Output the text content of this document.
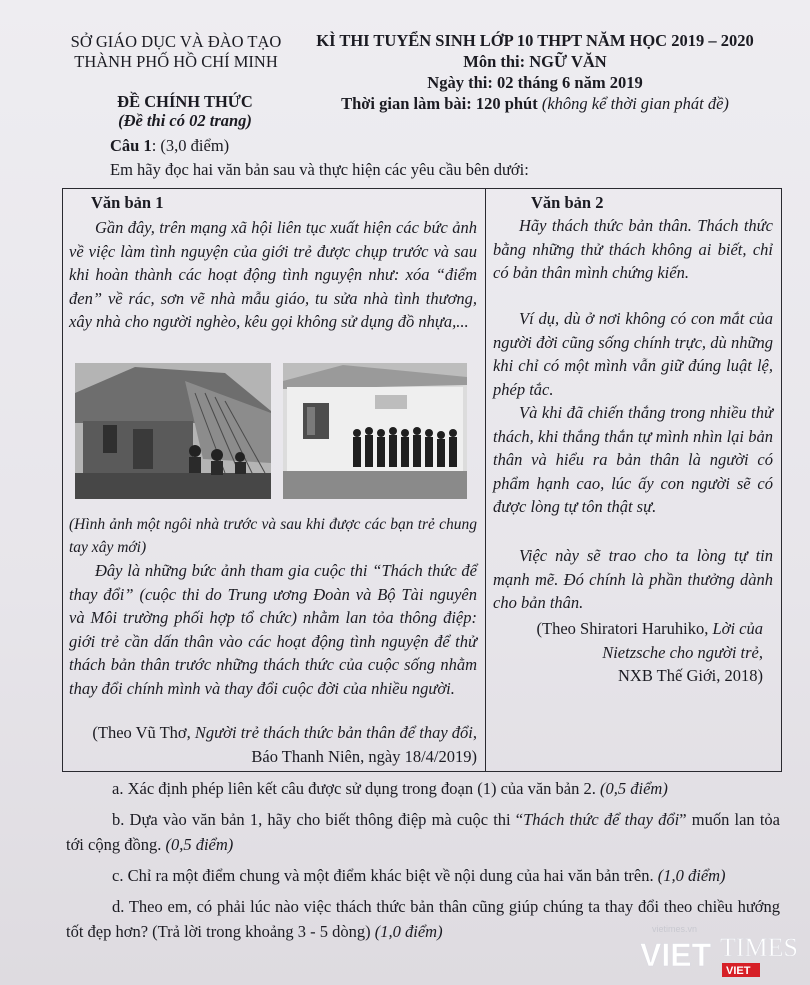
SỞ GIÁO DỤC VÀ ĐÀO TẠO
THÀNH PHỐ HỒ CHÍ MINH
KÌ THI TUYỂN SINH LỚP 10 THPT NĂM HỌC 2019 – 2020
Môn thi: NGỮ VĂN
Ngày thi: 02 tháng 6 năm 2019
Thời gian làm bài: 120 phút (không kể thời gian phát đề)
ĐỀ CHÍNH THỨC
(Đề thi có 02 trang)
Câu 1: (3,0 điểm)
Em hãy đọc hai văn bản sau và thực hiện các yêu cầu bên dưới:
Văn bản 1
Gần đây, trên mạng xã hội liên tục xuất hiện các bức ảnh về việc làm tình nguyện của giới trẻ được chụp trước và sau khi hoàn thành các hoạt động tình nguyện như: xóa “điểm đen” về rác, sơn vẽ nhà mẫu giáo, tu sửa nhà tình thương, xây nhà cho người nghèo, kêu gọi không sử dụng đồ nhựa,...
(Hình ảnh một ngôi nhà trước và sau khi được các bạn trẻ chung tay xây mới)
Đây là những bức ảnh tham gia cuộc thi “Thách thức để thay đổi” (cuộc thi do Trung ương Đoàn và Bộ Tài nguyên và Môi trường phối hợp tổ chức) nhằm lan tỏa thông điệp: giới trẻ cần dấn thân vào các hoạt động tình nguyện để thử thách bản thân trước những thách thức của cuộc sống nhằm thay đổi chính mình và thay đổi cuộc đời của nhiều người.
(Theo Vũ Thơ, Người trẻ thách thức bản thân để thay đổi,
Báo Thanh Niên, ngày 18/4/2019)
Văn bản 2
Hãy thách thức bản thân. Thách thức bằng những thử thách không ai biết, chỉ có bản thân mình chứng kiến.
Ví dụ, dù ở nơi không có con mắt của người đời cũng sống chính trực, dù những khi chỉ có một mình vẫn giữ đúng luật lệ, phép tắc.
Và khi đã chiến thắng trong nhiều thử thách, khi thắng thắn tự mình nhìn lại bản thân và hiểu ra bản thân là người có phẩm hạnh cao, lúc ấy con người sẽ có được lòng tự tôn thật sự.
Việc này sẽ trao cho ta lòng tự tin mạnh mẽ. Đó chính là phần thưởng dành cho bản thân.
(Theo Shiratori Haruhiko, Lời của Nietzsche cho người trẻ,
NXB Thế Giới, 2018)

a. Xác định phép liên kết câu được sử dụng trong đoạn (1) của văn bản 2. (0,5 điểm)

b. Dựa vào văn bản 1, hãy cho biết thông điệp mà cuộc thi “Thách thức để thay đổi” muốn lan tỏa tới cộng đồng. (0,5 điểm)

c. Chỉ ra một điểm chung và một điểm khác biệt về nội dung của hai văn bản trên. (1,0 điểm)

d. Theo em, có phải lúc nào việc thách thức bản thân cũng giúp chúng ta thay đổi theo chiều hướng tốt đẹp hơn? (Trả lời trong khoảng 3 - 5 dòng) (1,0 điểm)	vietimes.vn
VIET TIMES
VIET
